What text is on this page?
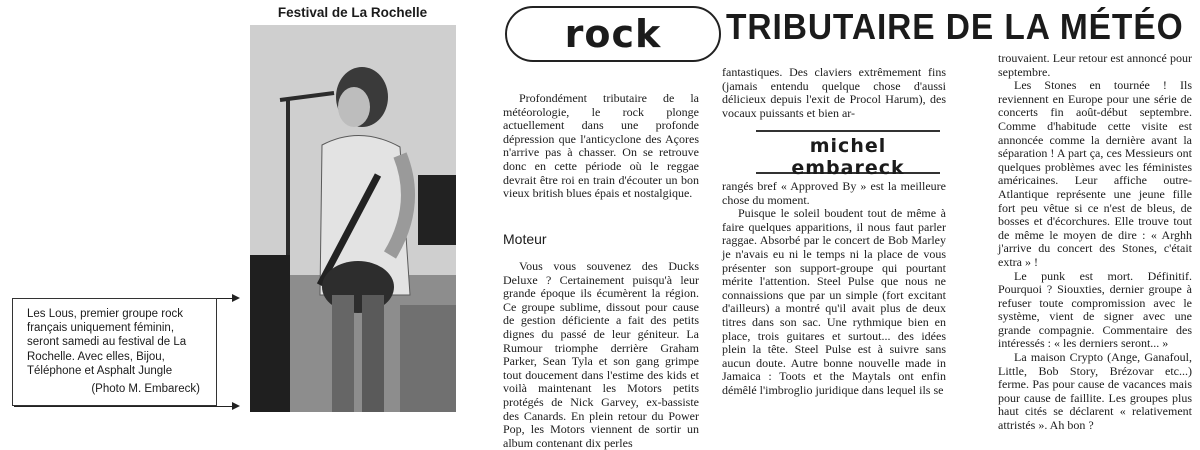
Festival de La Rochelle
Les Lous, premier groupe rock français uniquement féminin, seront samedi au festival de La Rochelle. Avec elles, Bijou, Téléphone et Asphalt Jungle
(Photo M. Embareck)
rock	TRIBUTAIRE DE LA MÉTÉO

Profondément tributaire de la météorologie, le rock plonge actuellement dans une profonde dépression que l'anticyclone des Açores n'arrive pas à chasser. On se retrouve donc en cette période où le reggae devrait être roi en train d'écouter un bon vieux british blues épais et nostalgique.

Moteur

Vous vous souvenez des Ducks Deluxe ? Certainement puisqu'à leur grande époque ils écumèrent la région. Ce groupe sublime, dissout pour cause de gestion déficiente a fait des petits dignes du passé de leur géniteur. La Rumour triomphe derrière Graham Parker, Sean Tyla et son gang grimpe tout doucement dans l'estime des kids et voilà maintenant les Motors petits protégés de Nick Garvey, ex-bassiste des Canards. En plein retour du Power Pop, les Motors viennent de sortir un album contenant dix perles

fantastiques. Des claviers extrêmement fins (jamais entendu quelque chose d'aussi délicieux depuis l'exit de Procol Harum), des vocaux puissants et bien ar-

michel embareck

rangés bref « Approved By » est la meilleure chose du moment.

Puisque le soleil boudent tout de même à faire quelques apparitions, il nous faut parler raggae. Absorbé par le concert de Bob Marley je n'avais eu ni le temps ni la place de vous présenter son support-groupe qui pourtant mérite l'attention. Steel Pulse que nous ne connaissions que par un simple (fort excitant d'ailleurs) a montré qu'il avait plus de deux titres dans son sac. Une rythmique bien en place, trois guitares et surtout... des idées plein la tête. Steel Pulse est à suivre sans aucun doute. Autre bonne nouvelle made in Jamaica : Toots et the Maytals ont enfin démêlé l'imbroglio juridique dans lequel ils se

trouvaient. Leur retour est annoncé pour septembre.

Les Stones en tournée ! Ils reviennent en Europe pour une série de concerts fin août-début septembre. Comme d'habitude cette visite est annoncée comme la dernière avant la séparation ! A part ça, ces Messieurs ont quelques problèmes avec les féministes américaines. Leur affiche outre-Atlantique représente une jeune fille fort peu vêtue si ce n'est de bleus, de bosses et d'écorchures. Elle trouve tout de même le moyen de dire : « Arghh j'arrive du concert des Stones, c'était extra » !

Le punk est mort. Définitif. Pourquoi ? Siouxties, dernier groupe à refuser toute compromission avec le système, vient de signer avec une grande compagnie. Commentaire des intéressés : « les derniers seront... »

La maison Crypto (Ange, Ganafoul, Little, Bob Story, Brézovar etc...) ferme. Pas pour cause de vacances mais pour cause de faillite. Les groupes plus haut cités se déclarent « relativement attristés ». Ah bon ?
